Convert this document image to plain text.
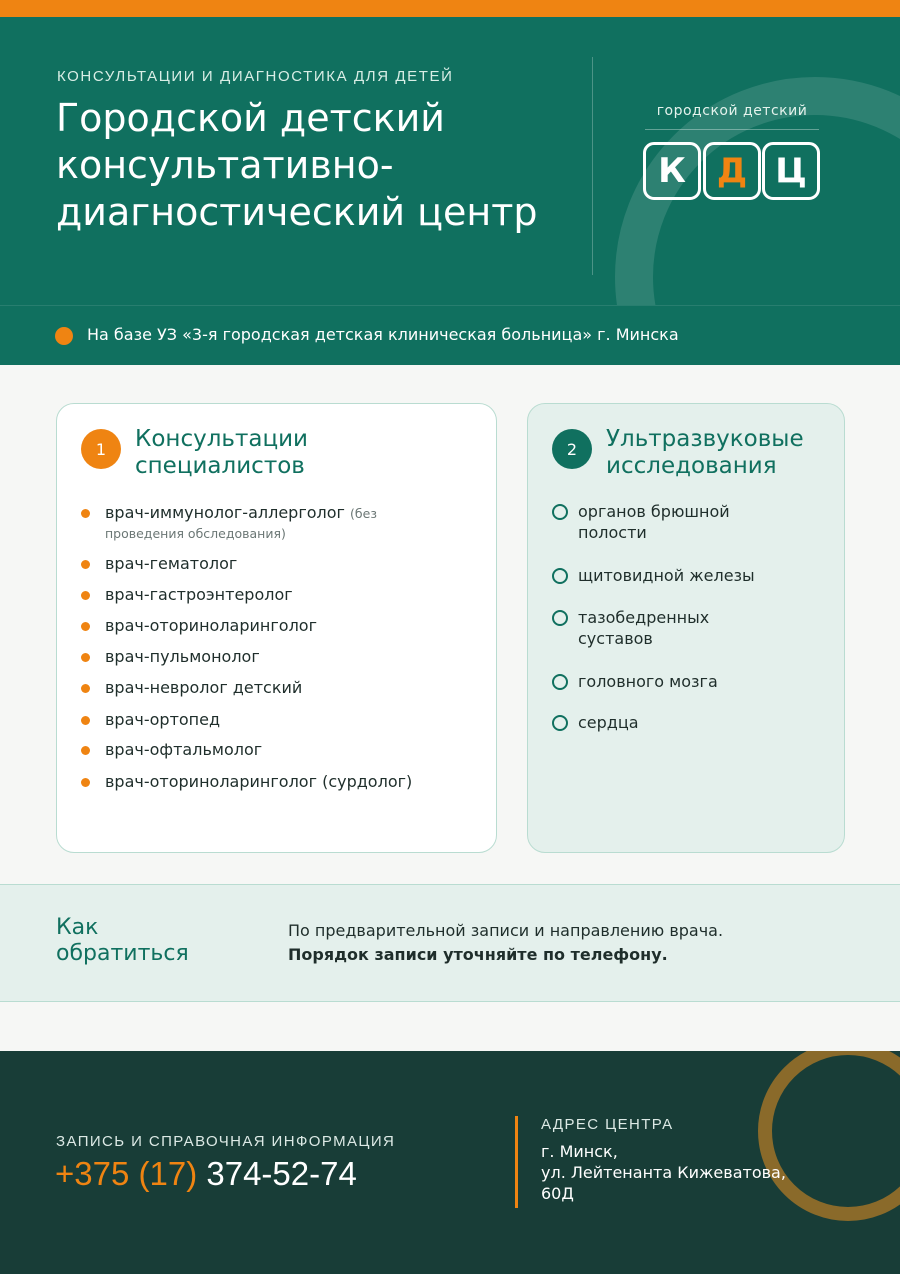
КОНСУЛЬТАЦИИ И ДИАГНОСТИКА ДЛЯ ДЕТЕЙ
Городской детский консультативно-диагностический центр
городской детский
К Д Ц
На базе УЗ «3-я городская детская клиническая больница» г. Минска
1	Консультации
специалистов
врач-иммунолог-аллерголог (без
проведения обследования)
врач-гематолог
врач-гастроэнтеролог
врач-оториноларинголог
врач-пульмонолог
врач-невролог детский
врач-ортопед
врач-офтальмолог
врач-оториноларинголог (сурдолог)
2	Ультразвуковые
исследования
органов брюшной
полости
щитовидной железы
тазобедренных
суставов
головного мозга
сердца
Как
обратиться
По предварительной записи и направлению врача.
Порядок записи уточняйте по телефону.
ЗАПИСЬ И СПРАВОЧНАЯ ИНФОРМАЦИЯ
+375 (17) 374-52-74
АДРЕС ЦЕНТРА
г. Минск,
ул. Лейтенанта Кижеватова,
60Д
